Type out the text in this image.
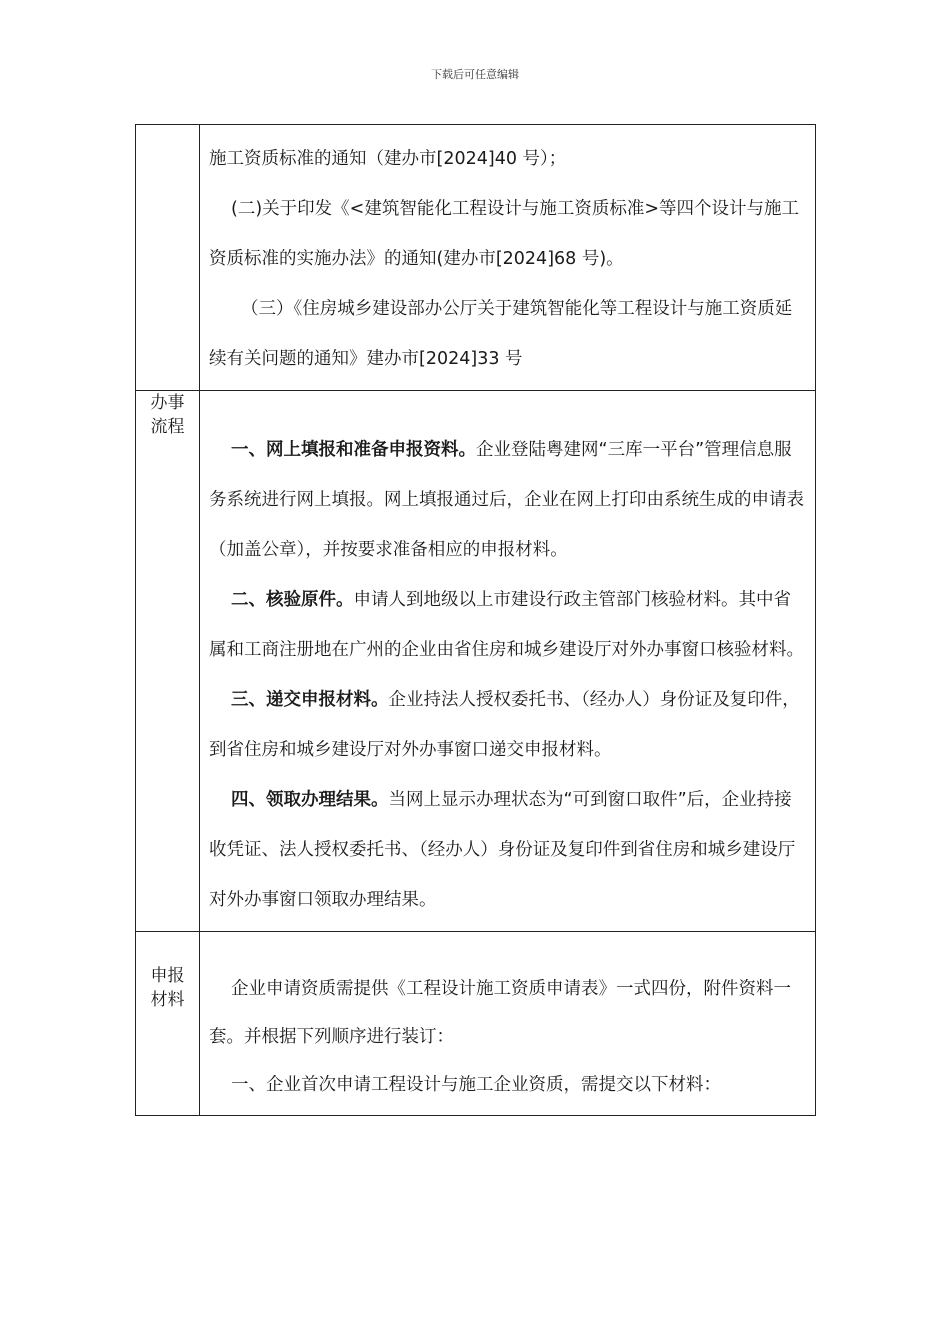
下载后可任意编辑

	施工资质标准的通知（建办市[2024]40 号）；

(二)关于印发《<建筑智能化工程设计与施工资质标准>等四个设计与施工资质标准的实施办法》的通知(建办市[2024]68 号)。

（三）《住房城乡建设部办公厅关于建筑智能化等工程设计与施工资质延续有关问题的通知》建办市[2024]33 号

办事流程	一、网上填报和准备申报资料。企业登陆粤建网“三库一平台”管理信息服务系统进行网上填报。网上填报通过后，企业在网上打印由系统生成的申请表（加盖公章），并按要求准备相应的申报材料。

二、核验原件。申请人到地级以上市建设行政主管部门核验材料。其中省属和工商注册地在广州的企业由省住房和城乡建设厅对外办事窗口核验材料。

三、递交申报材料。企业持法人授权委托书、（经办人）身份证及复印件，到省住房和城乡建设厅对外办事窗口递交申报材料。

四、领取办理结果。当网上显示办理状态为“可到窗口取件”后，企业持接收凭证、法人授权委托书、（经办人）身份证及复印件到省住房和城乡建设厅对外办事窗口领取办理结果。

申报材料	企业申请资质需提供《工程设计施工资质申请表》一式四份，附件资料一套。并根据下列顺序进行装订：

一、企业首次申请工程设计与施工企业资质，需提交以下材料：
